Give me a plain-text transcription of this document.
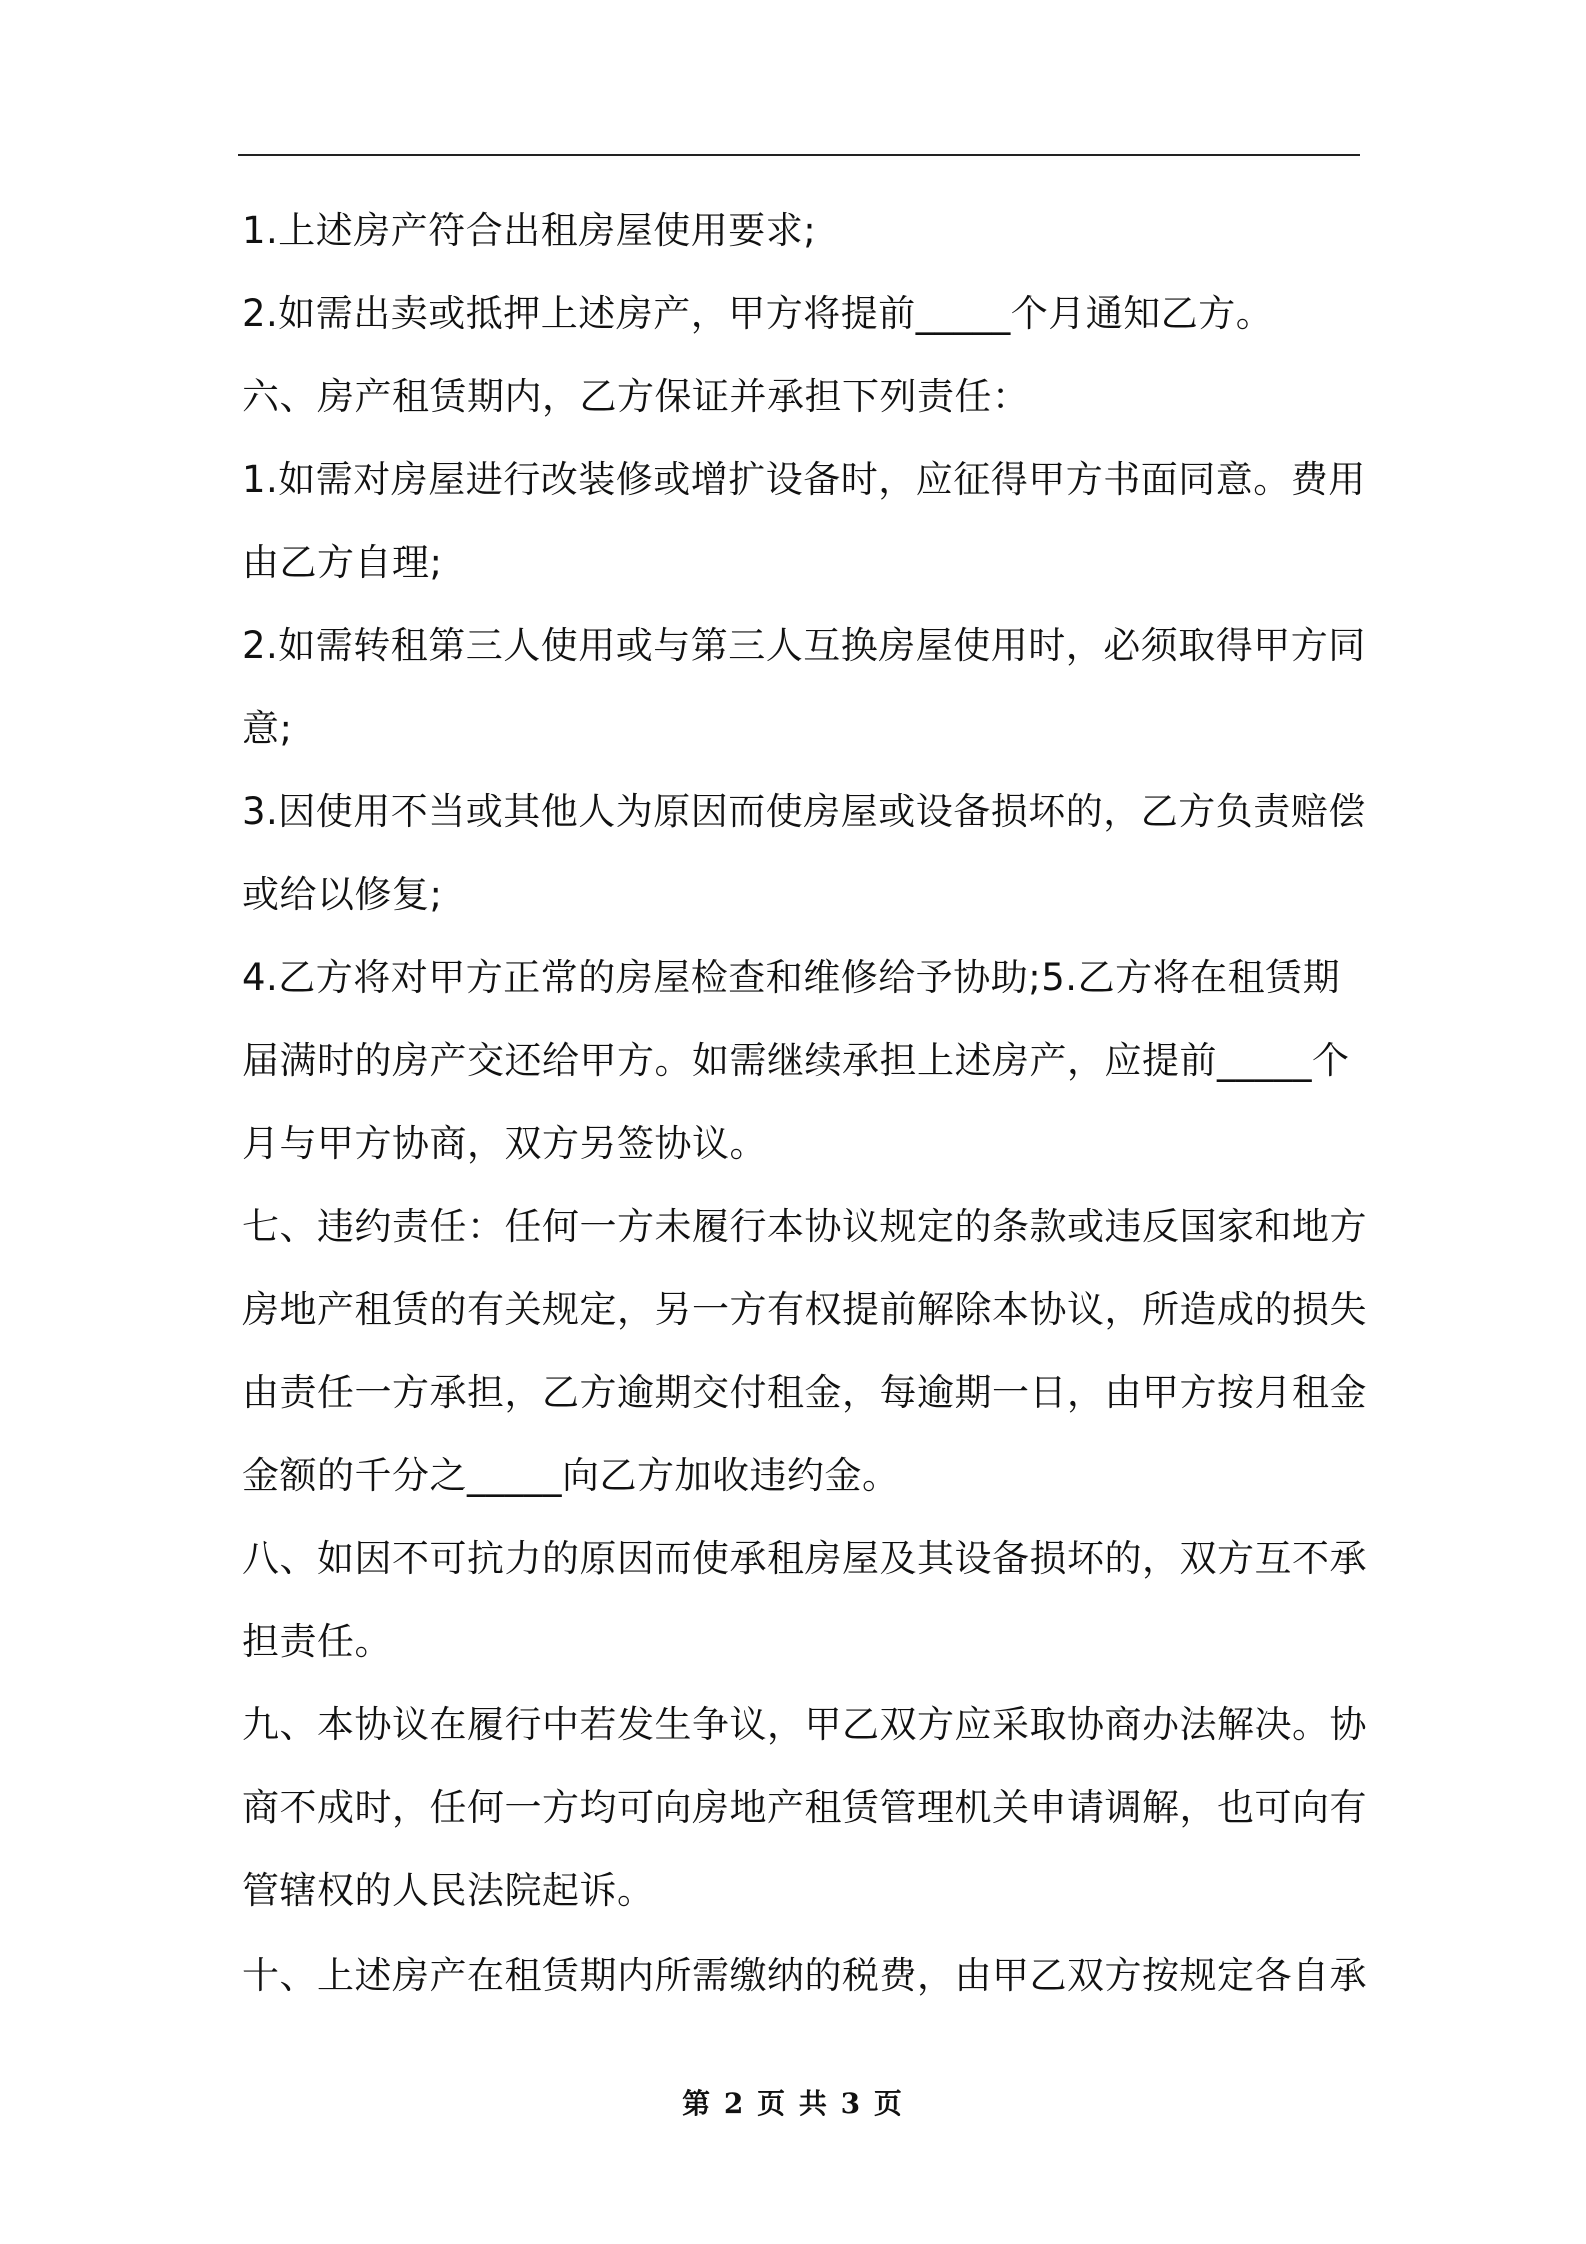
1.上述房产符合出租房屋使用要求;
2.如需出卖或抵押上述房产，甲方将提前_____个月通知乙方。
六、房产租赁期内，乙方保证并承担下列责任：
1.如需对房屋进行改装修或增扩设备时，应征得甲方书面同意。费用
由乙方自理;
2.如需转租第三人使用或与第三人互换房屋使用时，必须取得甲方同
意;
3.因使用不当或其他人为原因而使房屋或设备损坏的，乙方负责赔偿
或给以修复;
4.乙方将对甲方正常的房屋检查和维修给予协助;5.乙方将在租赁期
届满时的房产交还给甲方。如需继续承担上述房产，应提前_____个
月与甲方协商，双方另签协议。
七、违约责任：任何一方未履行本协议规定的条款或违反国家和地方
房地产租赁的有关规定，另一方有权提前解除本协议，所造成的损失
由责任一方承担，乙方逾期交付租金，每逾期一日，由甲方按月租金
金额的千分之_____向乙方加收违约金。
八、如因不可抗力的原因而使承租房屋及其设备损坏的，双方互不承
担责任。
九、本协议在履行中若发生争议，甲乙双方应采取协商办法解决。协
商不成时，任何一方均可向房地产租赁管理机关申请调解，也可向有
管辖权的人民法院起诉。
十、上述房产在租赁期内所需缴纳的税费，由甲乙双方按规定各自承
第 2 页 共 3 页
